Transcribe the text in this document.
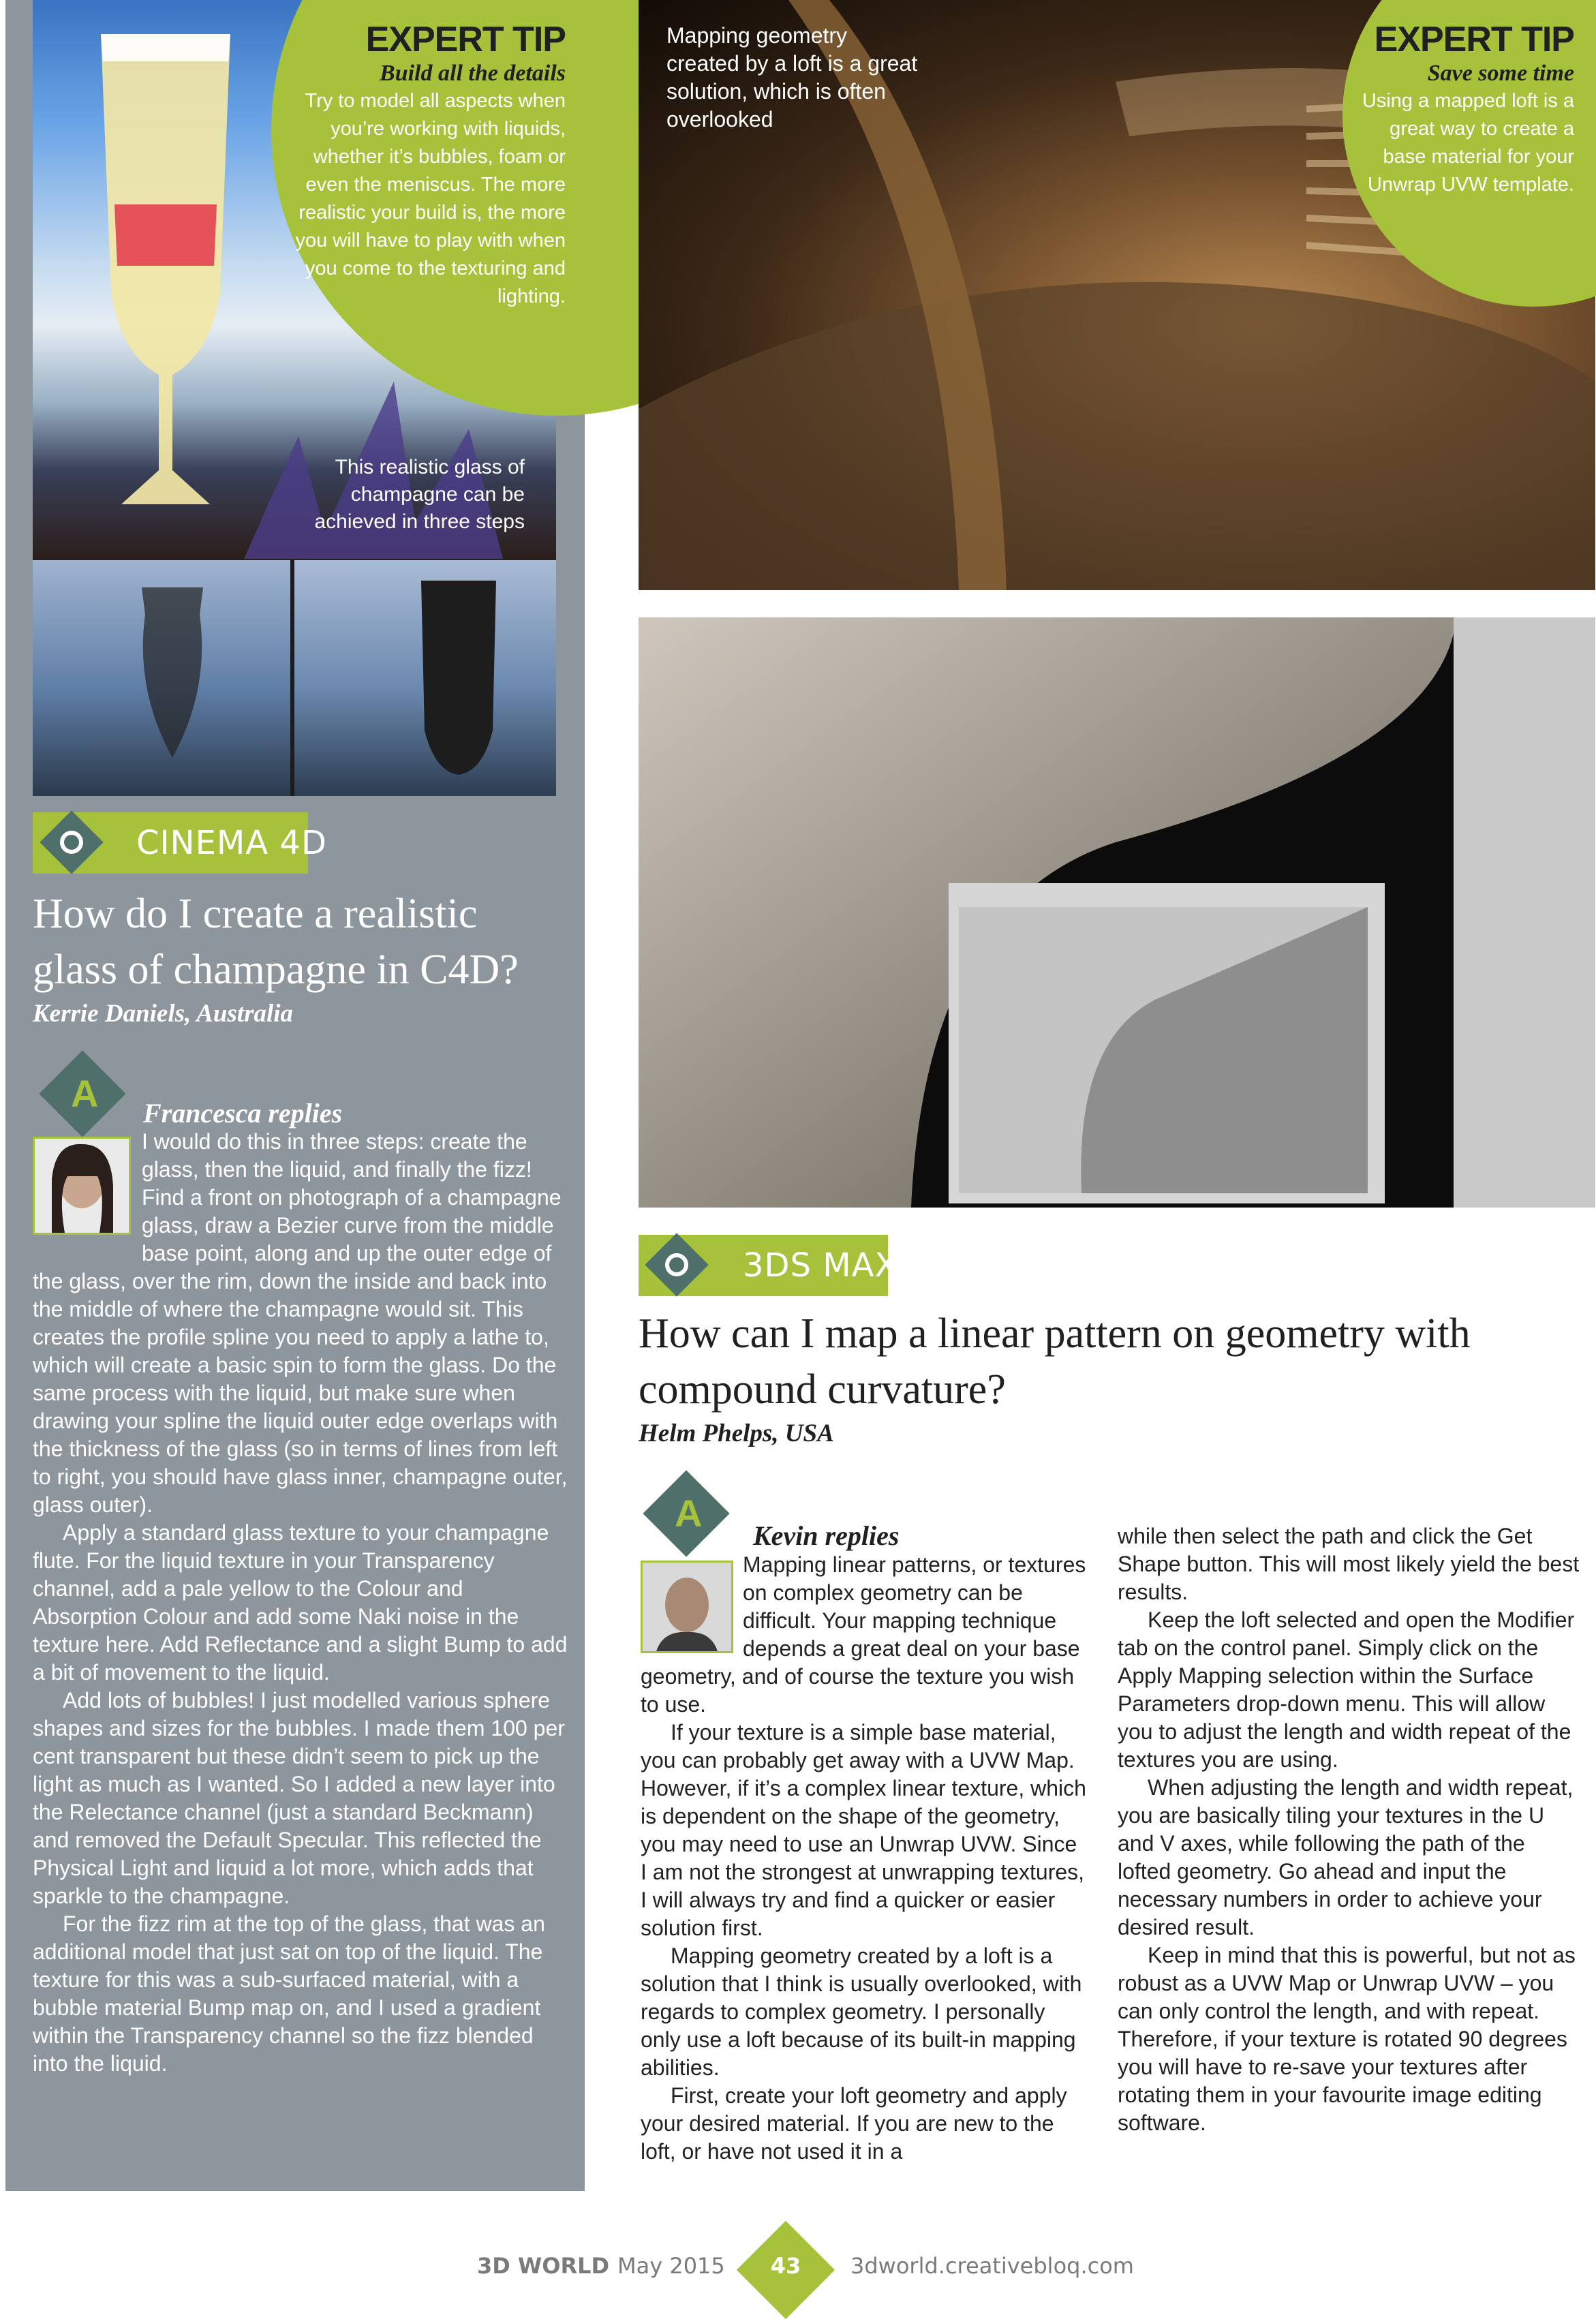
EXPERT TIP
Build all the details
Try to model all aspects when you’re working with liquids, whether it’s bubbles, foam or even the meniscus. The more realistic your build is, the more you will have to play with when you come to the texturing and lighting.
This realistic glass of champagne can be achieved in three steps
CINEMA 4D
How do I create a realistic glass of champagne in C4D?
Kerrie Daniels, Australia
A Francesca replies

I would do this in three steps: create the glass, then the liquid, and finally the fizz! Find a front on photograph of a champagne glass, draw a Bezier curve from the middle base point, along and up the outer edge of the glass, over the rim, down the inside and back into the middle of where the champagne would sit. This creates the profile spline you need to apply a lathe to, which will create a basic spin to form the glass. Do the same process with the liquid, but make sure when drawing your spline the liquid outer edge overlaps with the thickness of the glass (so in terms of lines from left to right, you should have glass inner, champagne outer, glass outer).

Apply a standard glass texture to your champagne flute. For the liquid texture in your Transparency channel, add a pale yellow to the Colour and Absorption Colour and add some Naki noise in the texture here. Add Reflectance and a slight Bump to add a bit of movement to the liquid.

Add lots of bubbles! I just modelled various sphere shapes and sizes for the bubbles. I made them 100 per cent transparent but these didn’t seem to pick up the light as much as I wanted. So I added a new layer into the Relectance channel (just a standard Beckmann) and removed the Default Specular. This reflected the Physical Light and liquid a lot more, which adds that sparkle to the champagne.

For the fizz rim at the top of the glass, that was an additional model that just sat on top of the liquid. The texture for this was a sub-surfaced material, with a bubble material Bump map on, and I used a gradient within the Transparency channel so the fizz blended into the liquid.

Mapping geometry created by a loft is a great solution, which is often overlooked
EXPERT TIP
Save some time
Using a mapped loft is a great way to create a base material for your Unwrap UVW template.
3DS MAX
How can I map a linear pattern on geometry with compound curvature?
Helm Phelps, USA
A
Kevin replies

Mapping linear patterns, or textures on complex geometry can be difficult. Your mapping technique depends a great deal on your base geometry, and of course the texture you wish to use.

If your texture is a simple base material, you can probably get away with a UVW Map. However, if it’s a complex linear texture, which is dependent on the shape of the geometry, you may need to use an Unwrap UVW. Since I am not the strongest at unwrapping textures, I will always try and find a quicker or easier solution first.

Mapping geometry created by a loft is a solution that I think is usually overlooked, with regards to complex geometry. I personally only use a loft because of its built-in mapping abilities.

First, create your loft geometry and apply your desired material. If you are new to the loft, or have not used it in a

while then select the path and click the Get Shape button. This will most likely yield the best results.

Keep the loft selected and open the Modifier tab on the control panel. Simply click on the Apply Mapping selection within the Surface Parameters drop-down menu. This will allow you to adjust the length and width repeat of the textures you are using.

When adjusting the length and width repeat, you are basically tiling your textures in the U and V axes, while following the path of the lofted geometry. Go ahead and input the necessary numbers in order to achieve your desired result.

Keep in mind that this is powerful, but not as robust as a UVW Map or Unwrap UVW – you can only control the length, and with repeat. Therefore, if your texture is rotated 90 degrees you will have to re-save your textures after rotating them in your favourite image editing software.

3D WORLD May 2015	43	3dworld.creativebloq.com
